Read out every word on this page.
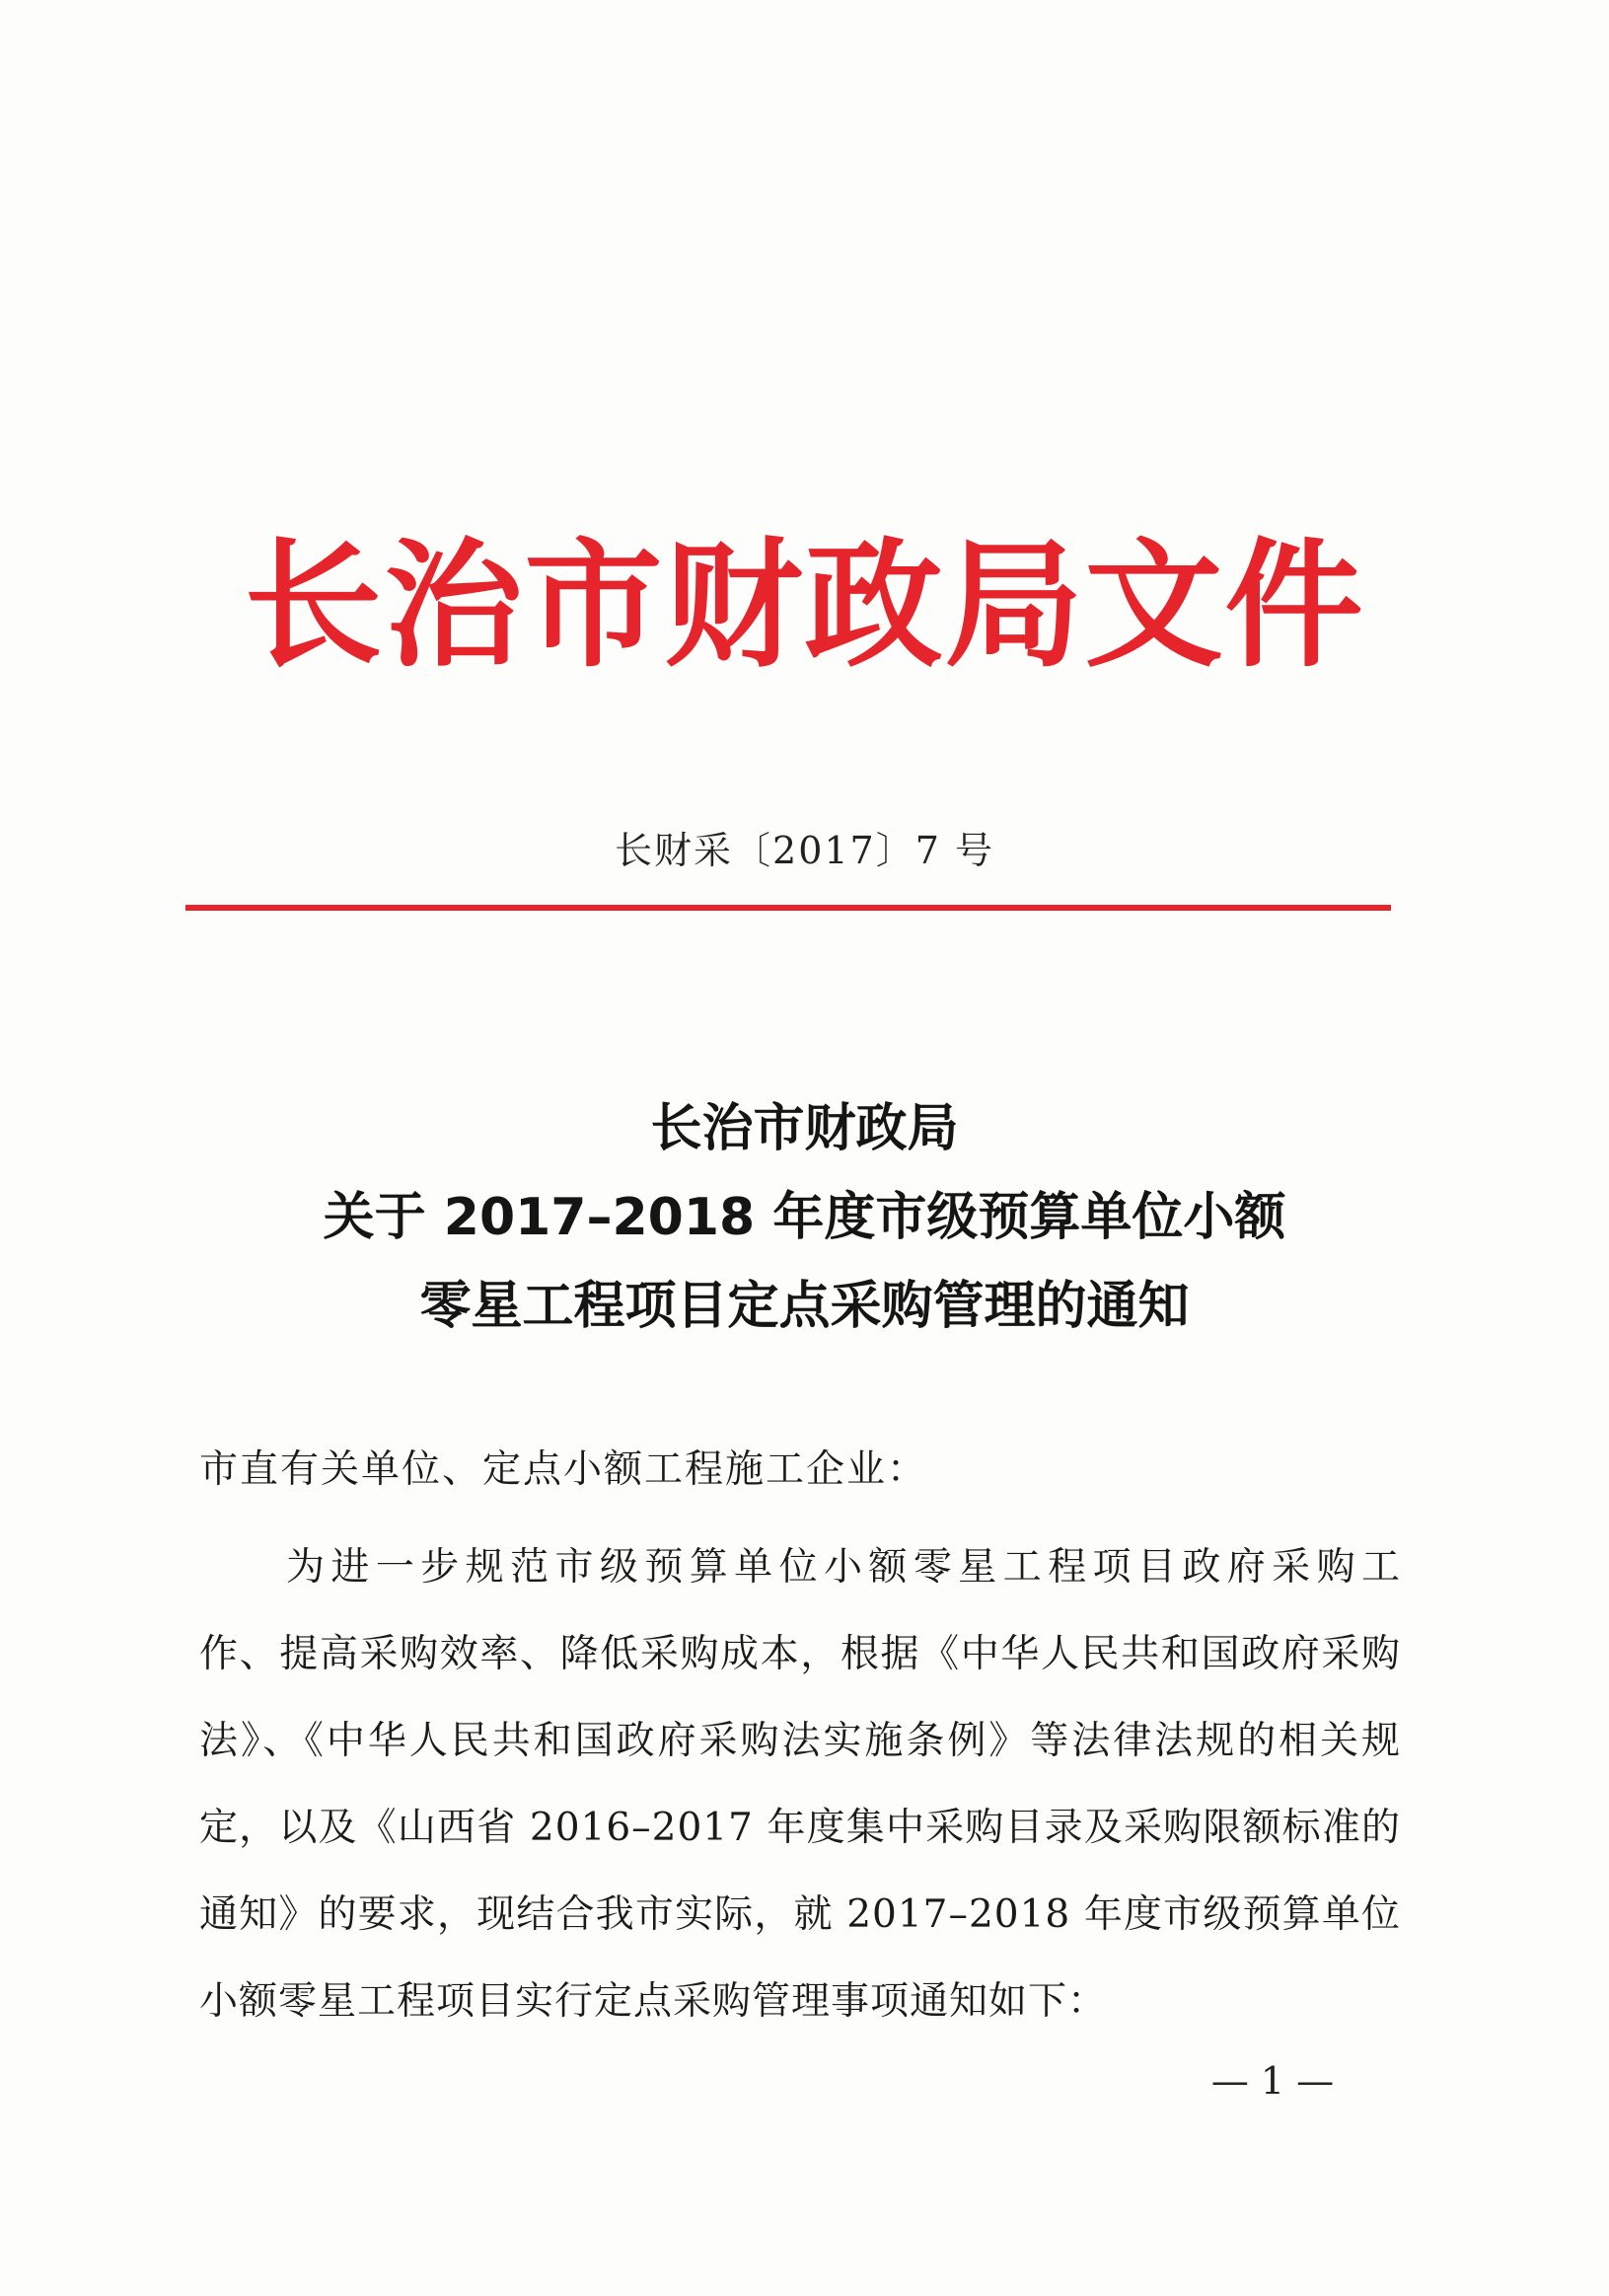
长治市财政局文件
长财采〔2017〕7 号
长治市财政局
关于 2017–2018 年度市级预算单位小额
零星工程项目定点采购管理的通知
市直有关单位、定点小额工程施工企业：
为进一步规范市级预算单位小额零星工程项目政府采购工
作、提高采购效率、降低采购成本，根据《中华人民共和国政府采购
法》、《中华人民共和国政府采购法实施条例》等法律法规的相关规
定，以及《山西省 2016–2017 年度集中采购目录及采购限额标准的
通知》的要求，现结合我市实际，就 2017–2018 年度市级预算单位
小额零星工程项目实行定点采购管理事项通知如下：
— 1 —
